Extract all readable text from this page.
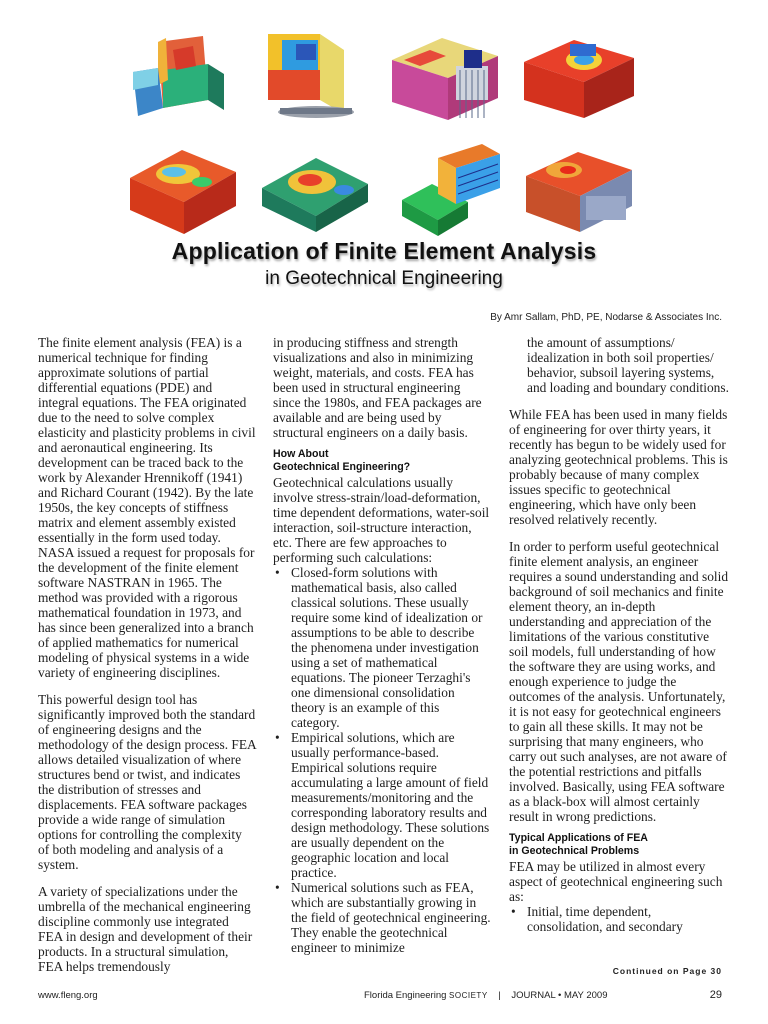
Application of Finite Element Analysis
in Geotechnical Engineering
By Amr Sallam, PhD, PE, Nodarse & Associates Inc.

The finite element analysis (FEA) is a numerical technique for finding approximate solutions of partial differential equations (PDE) and integral equations. The FEA originated due to the need to solve complex elasticity and plasticity problems in civil and aeronautical engineering. Its development can be traced back to the work by Alexander Hrennikoff (1941) and Richard Courant (1942). By the late 1950s, the key concepts of stiffness matrix and element assembly existed essentially in the form used today. NASA issued a request for proposals for the development of the finite element software NASTRAN in 1965. The method was provided with a rigorous mathematical foundation in 1973, and has since been generalized into a branch of applied mathematics for numerical modeling of physical systems in a wide variety of engineering disciplines.

This powerful design tool has significantly improved both the standard of engineering designs and the methodology of the design process. FEA allows detailed visualization of where structures bend or twist, and indicates the distribution of stresses and displacements. FEA software packages provide a wide range of simulation options for controlling the complexity of both modeling and analysis of a system.

A variety of specializations under the umbrella of the mechanical engineering discipline commonly use integrated FEA in design and development of their products. In a structural simulation, FEA helps tremendously

in producing stiffness and strength visualizations and also in minimizing weight, materials, and costs. FEA has been used in structural engineering since the 1980s, and FEA packages are available and are being used by structural engineers on a daily basis.

How About
Geotechnical Engineering?

Geotechnical calculations usually involve stress-strain/load-deformation, time dependent deformations, water-soil interaction, soil-structure interaction, etc. There are few approaches to performing such calculations:

• Closed-form solutions with mathematical basis, also called classical solutions. These usually require some kind of idealization or assumptions to be able to describe the phenomena under investigation using a set of mathematical equations. The pioneer Terzaghi's one dimensional consolidation theory is an example of this category.
• Empirical solutions, which are usually performance-based. Empirical solutions require accumulating a large amount of field measurements/monitoring and the corresponding laboratory results and design methodology. These solutions are usually dependent on the geographic location and local practice.
• Numerical solutions such as FEA, which are substantially growing in the field of geotechnical engineering. They enable the geotechnical engineer to minimize

the amount of assumptions/ idealization in both soil properties/ behavior, subsoil layering systems, and loading and boundary conditions.

While FEA has been used in many fields of engineering for over thirty years, it recently has begun to be widely used for analyzing geotechnical problems. This is probably because of many complex issues specific to geotechnical engineering, which have only been resolved relatively recently.

In order to perform useful geotechnical finite element analysis, an engineer requires a sound understanding and solid background of soil mechanics and finite element theory, an in-depth understanding and appreciation of the limitations of the various constitutive soil models, full understanding of how the software they are using works, and enough experience to judge the outcomes of the analysis. Unfortunately, it is not easy for geotechnical engineers to gain all these skills. It may not be surprising that many engineers, who carry out such analyses, are not aware of the potential restrictions and pitfalls involved. Basically, using FEA software as a black-box will almost certainly result in wrong predictions.

Typical Applications of FEA
in Geotechnical Problems

FEA may be utilized in almost every aspect of geotechnical engineering such as:

• Initial, time dependent, consolidation, and secondary
Continued on Page 30
www.fleng.org	Florida Engineering SOCIETY | JOURNAL • MAY 2009	29
